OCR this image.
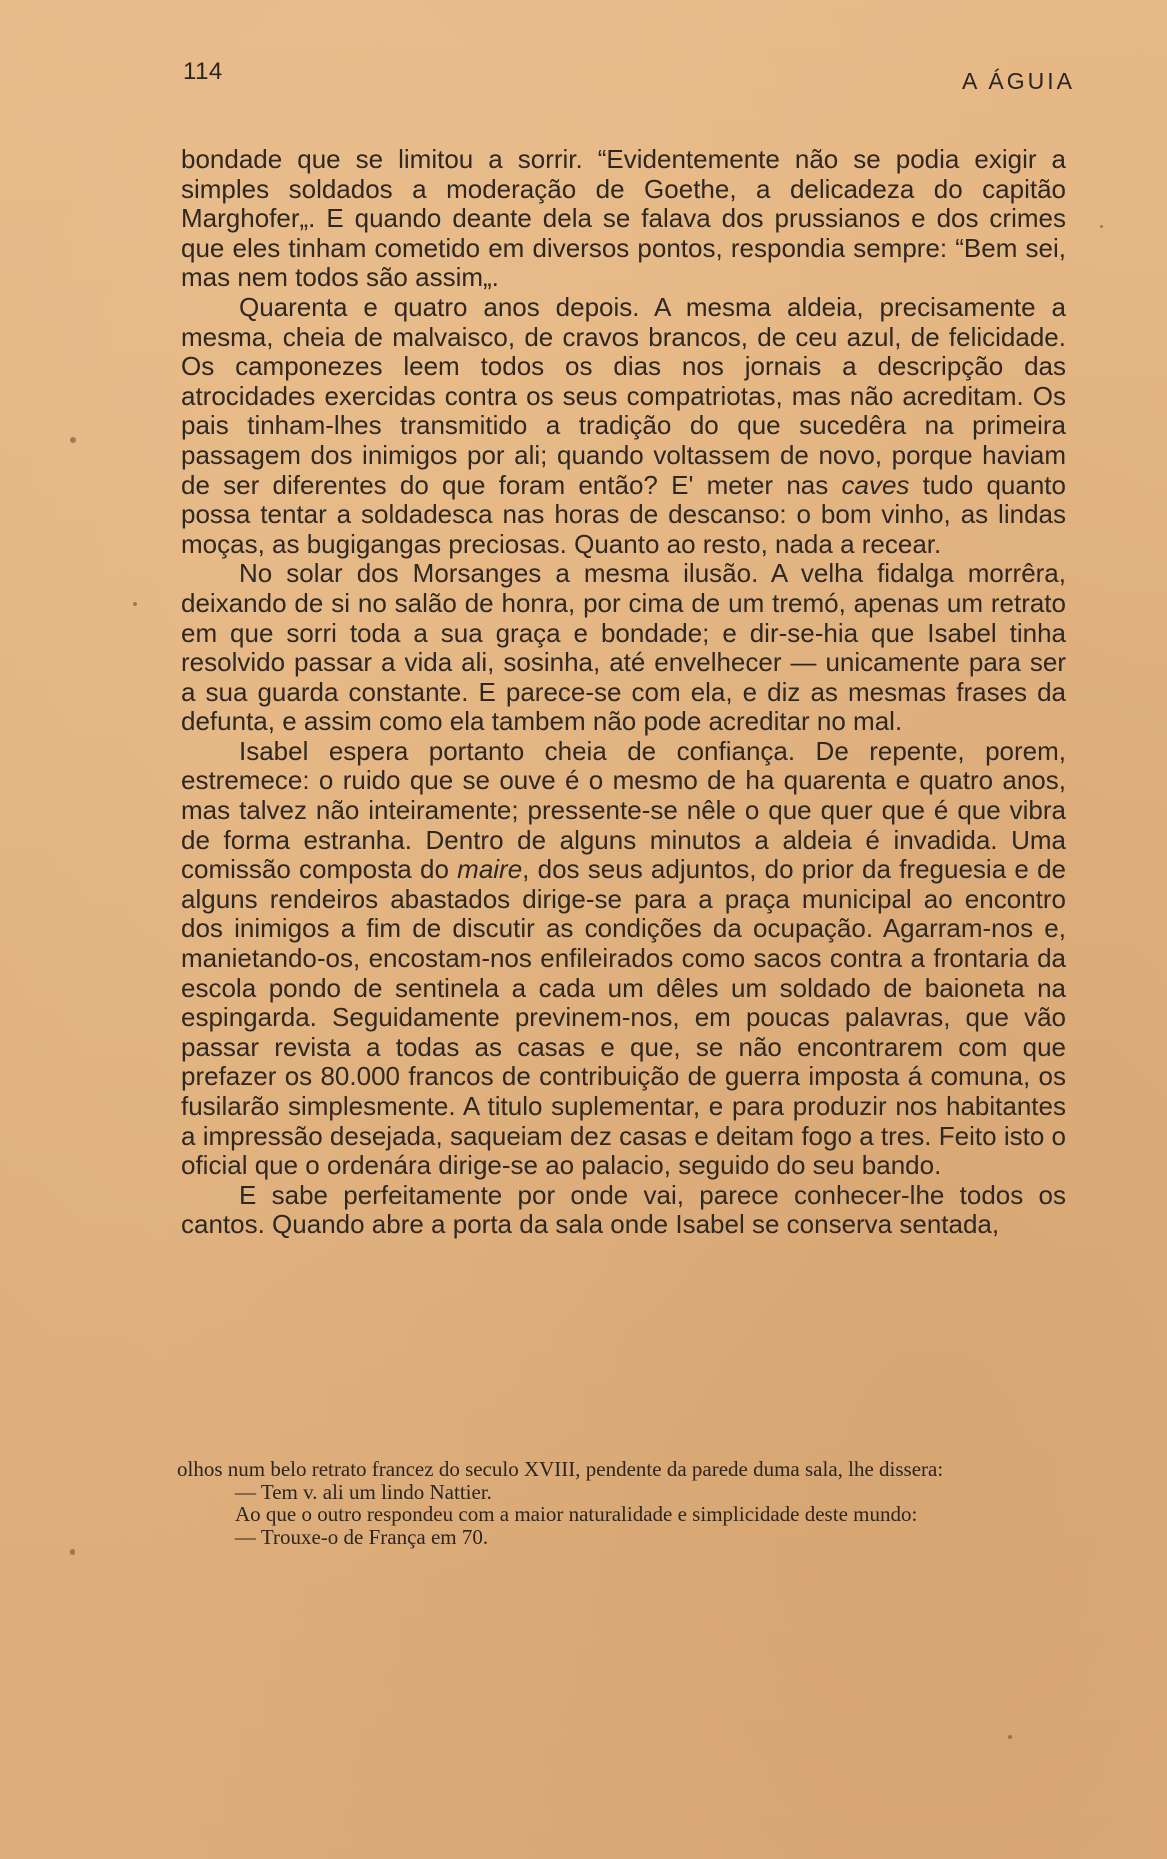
114	A ÁGUIA

bondade que se limitou a sorrir. “Evidentemente não se podia exigir a simples soldados a moderação de Goethe, a delicadeza do capitão Marghofer„. E quando deante dela se falava dos prussianos e dos crimes que eles tinham cometido em diversos pontos, respondia sempre: “Bem sei, mas nem todos são assim„.

Quarenta e quatro anos depois. A mesma aldeia, precisamente a mesma, cheia de malvaisco, de cravos brancos, de ceu azul, de felicidade. Os camponezes leem todos os dias nos jornais a descripção das atrocidades exercidas contra os seus compatriotas, mas não acreditam. Os pais tinham-lhes transmitido a tradição do que sucedêra na primeira passagem dos inimigos por ali; quando voltassem de novo, porque haviam de ser diferentes do que foram então? E' meter nas caves tudo quanto possa tentar a soldadesca nas horas de descanso: o bom vinho, as lindas moças, as bugigangas preciosas. Quanto ao resto, nada a recear.

No solar dos Morsanges a mesma ilusão. A velha fidalga morrêra, deixando de si no salão de honra, por cima de um tremó, apenas um retrato em que sorri toda a sua graça e bondade; e dir-se-hia que Isabel tinha resolvido passar a vida ali, sosinha, até envelhecer — unicamente para ser a sua guarda constante. E parece-se com ela, e diz as mesmas frases da defunta, e assim como ela tambem não pode acreditar no mal.

Isabel espera portanto cheia de confiança. De repente, porem, estremece: o ruido que se ouve é o mesmo de ha quarenta e quatro anos, mas talvez não inteiramente; pressente-se nêle o que quer que é que vibra de forma estranha. Dentro de alguns minutos a aldeia é invadida. Uma comissão composta do maire, dos seus adjuntos, do prior da freguesia e de alguns rendeiros abastados dirige-se para a praça municipal ao encontro dos inimigos a fim de discutir as condições da ocupação. Agarram-nos e, manietando-os, encostam-nos enfileirados como sacos contra a frontaria da escola pondo de sentinela a cada um dêles um soldado de baioneta na espingarda. Seguidamente previnem-nos, em poucas palavras, que vão passar revista a todas as casas e que, se não encontrarem com que prefazer os 80.000 francos de contribuição de guerra imposta á comuna, os fusilarão simplesmente. A titulo suplementar, e para produzir nos habitantes a impressão desejada, saqueiam dez casas e deitam fogo a tres. Feito isto o oficial que o ordenára dirige-se ao palacio, seguido do seu bando.

E sabe perfeitamente por onde vai, parece conhecer-lhe todos os cantos. Quando abre a porta da sala onde Isabel se conserva sentada,

olhos num belo retrato francez do seculo XVIII, pendente da parede duma sala, lhe dissera:

— Tem v. ali um lindo Nattier.

Ao que o outro respondeu com a maior naturalidade e simplicidade deste mundo:

— Trouxe-o de França em 70.
